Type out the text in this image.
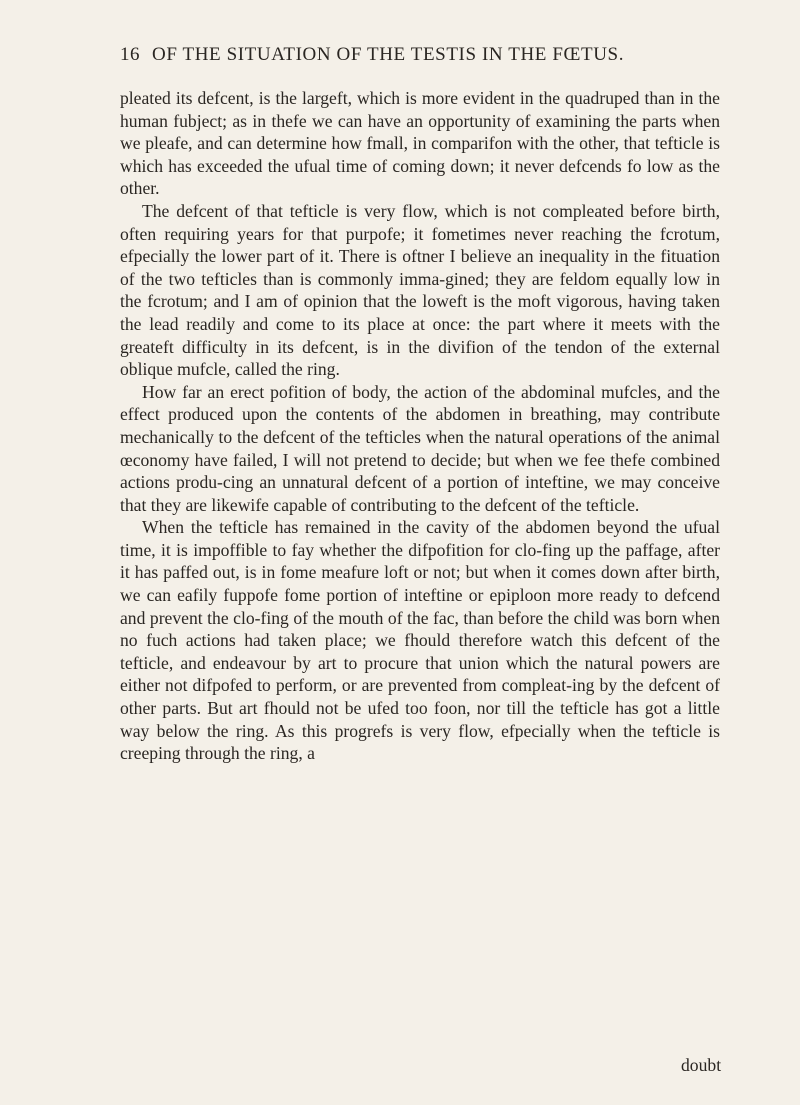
16 OF THE SITUATION OF THE TESTIS IN THE FŒTUS.

pleated its defcent, is the largeft, which is more evident in the quadruped than in the human fubject; as in thefe we can have an opportunity of examining the parts when we pleafe, and can determine how fmall, in comparifon with the other, that tefticle is which has exceeded the ufual time of coming down; it never defcends fo low as the other.

The defcent of that tefticle is very flow, which is not compleated before birth, often requiring years for that purpofe; it fometimes never reaching the fcrotum, efpecially the lower part of it. There is oftner I believe an inequality in the fituation of the two tefticles than is commonly imma-gined; they are feldom equally low in the fcrotum; and I am of opinion that the loweft is the moft vigorous, having taken the lead readily and come to its place at once: the part where it meets with the greateft difficulty in its defcent, is in the divifion of the tendon of the external oblique mufcle, called the ring.

How far an erect pofition of body, the action of the abdominal mufcles, and the effect produced upon the contents of the abdomen in breathing, may contribute mechanically to the defcent of the tefticles when the natural operations of the animal œconomy have failed, I will not pretend to decide; but when we fee thefe combined actions produ-cing an unnatural defcent of a portion of inteftine, we may conceive that they are likewife capable of contributing to the defcent of the tefticle.

When the tefticle has remained in the cavity of the abdomen beyond the ufual time, it is impoffible to fay whether the difpofition for clo-fing up the paffage, after it has paffed out, is in fome meafure loft or not; but when it comes down after birth, we can eafily fuppofe fome portion of inteftine or epiploon more ready to defcend and prevent the clo-fing of the mouth of the fac, than before the child was born when no fuch actions had taken place; we fhould therefore watch this defcent of the tefticle, and endeavour by art to procure that union which the natural powers are either not difpofed to perform, or are prevented from compleat-ing by the defcent of other parts. But art fhould not be ufed too foon, nor till the tefticle has got a little way below the ring. As this progrefs is very flow, efpecially when the tefticle is creeping through the ring, a

doubt
